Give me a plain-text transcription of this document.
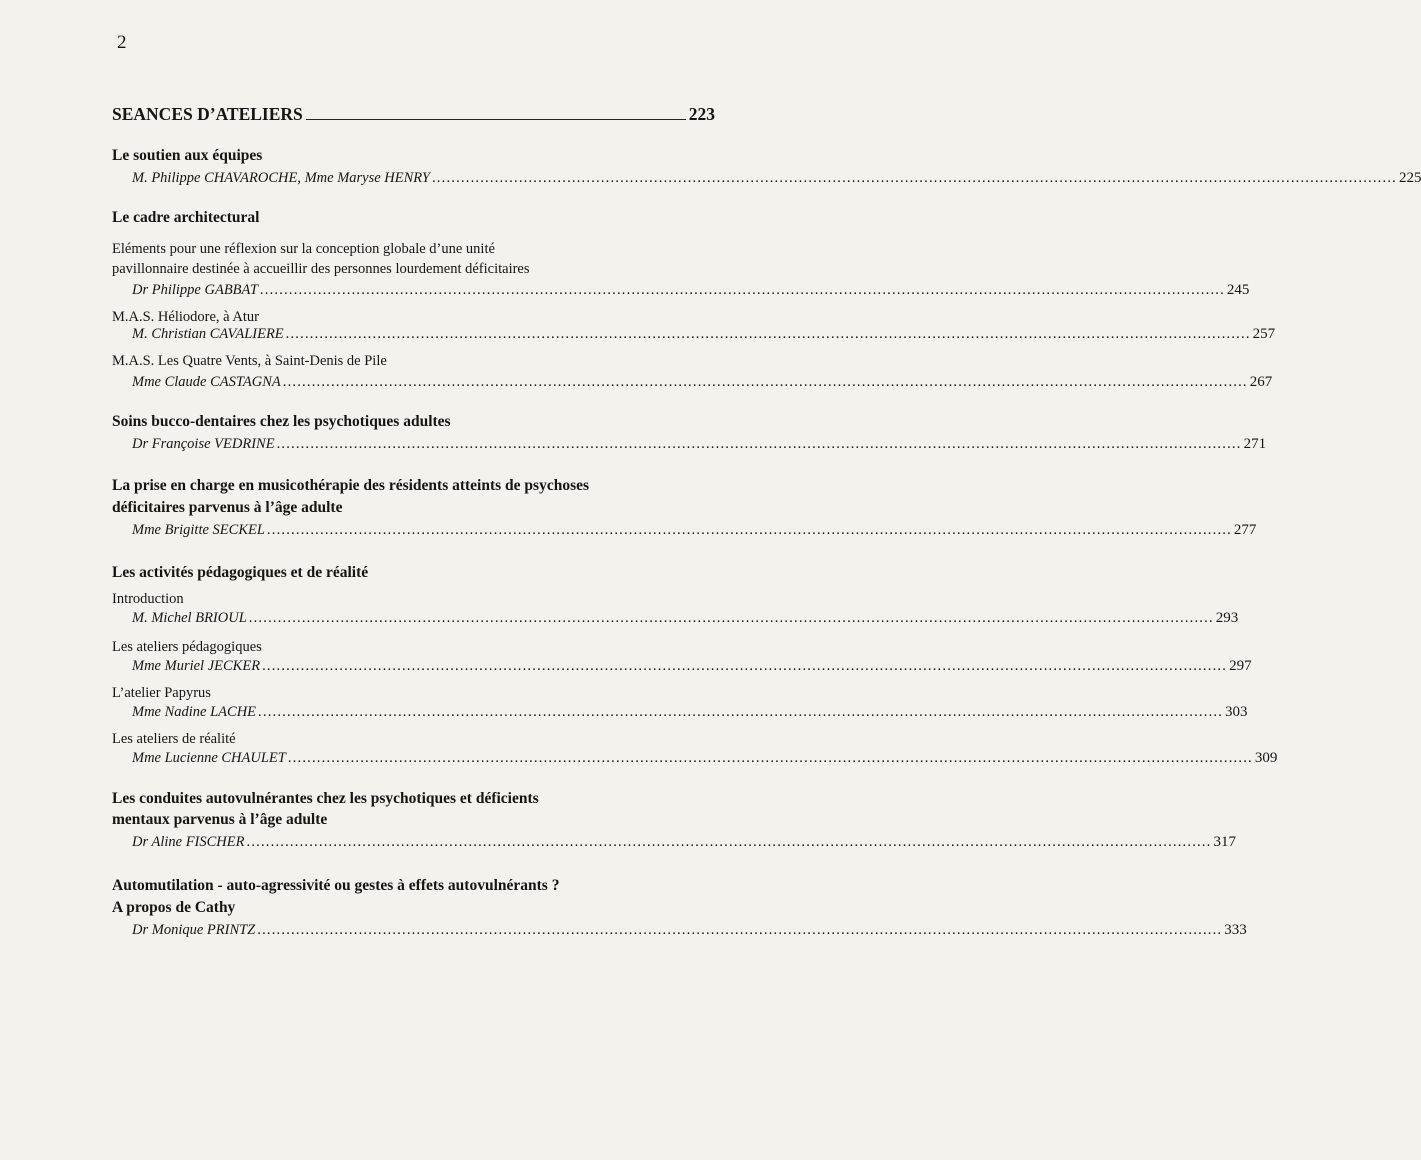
2
SEANCES D’ATELIERS	223
Le soutien aux équipes
M. Philippe CHAVAROCHE, Mme Maryse HENRY ........................................................................................................................................................................................................ 225
Le cadre architectural
Eléments pour une réflexion sur la conception globale d’une unité
pavillonnaire destinée à accueillir des personnes lourdement déficitaires
Dr Philippe GABBAT ........................................................................................................................................................................................................ 245
M.A.S. Héliodore, à Atur
M. Christian CAVALIERE ........................................................................................................................................................................................................ 257
M.A.S. Les Quatre Vents, à Saint-Denis de Pile
Mme Claude CASTAGNA ........................................................................................................................................................................................................ 267
Soins bucco-dentaires chez les psychotiques adultes
Dr Françoise VEDRINE ........................................................................................................................................................................................................ 271
La prise en charge en musicothérapie des résidents atteints de psychoses
déficitaires parvenus à l’âge adulte
Mme Brigitte SECKEL ........................................................................................................................................................................................................ 277
Les activités pédagogiques et de réalité
Introduction
M. Michel BRIOUL ........................................................................................................................................................................................................ 293
Les ateliers pédagogiques
Mme Muriel JECKER ........................................................................................................................................................................................................ 297
L’atelier Papyrus
Mme Nadine LACHE ........................................................................................................................................................................................................ 303
Les ateliers de réalité
Mme Lucienne CHAULET ........................................................................................................................................................................................................ 309
Les conduites autovulnérantes chez les psychotiques et déficients
mentaux parvenus à l’âge adulte
Dr Aline FISCHER ........................................................................................................................................................................................................ 317
Automutilation - auto-agressivité ou gestes à effets autovulnérants ?
A propos de Cathy
Dr Monique PRINTZ ........................................................................................................................................................................................................ 333
